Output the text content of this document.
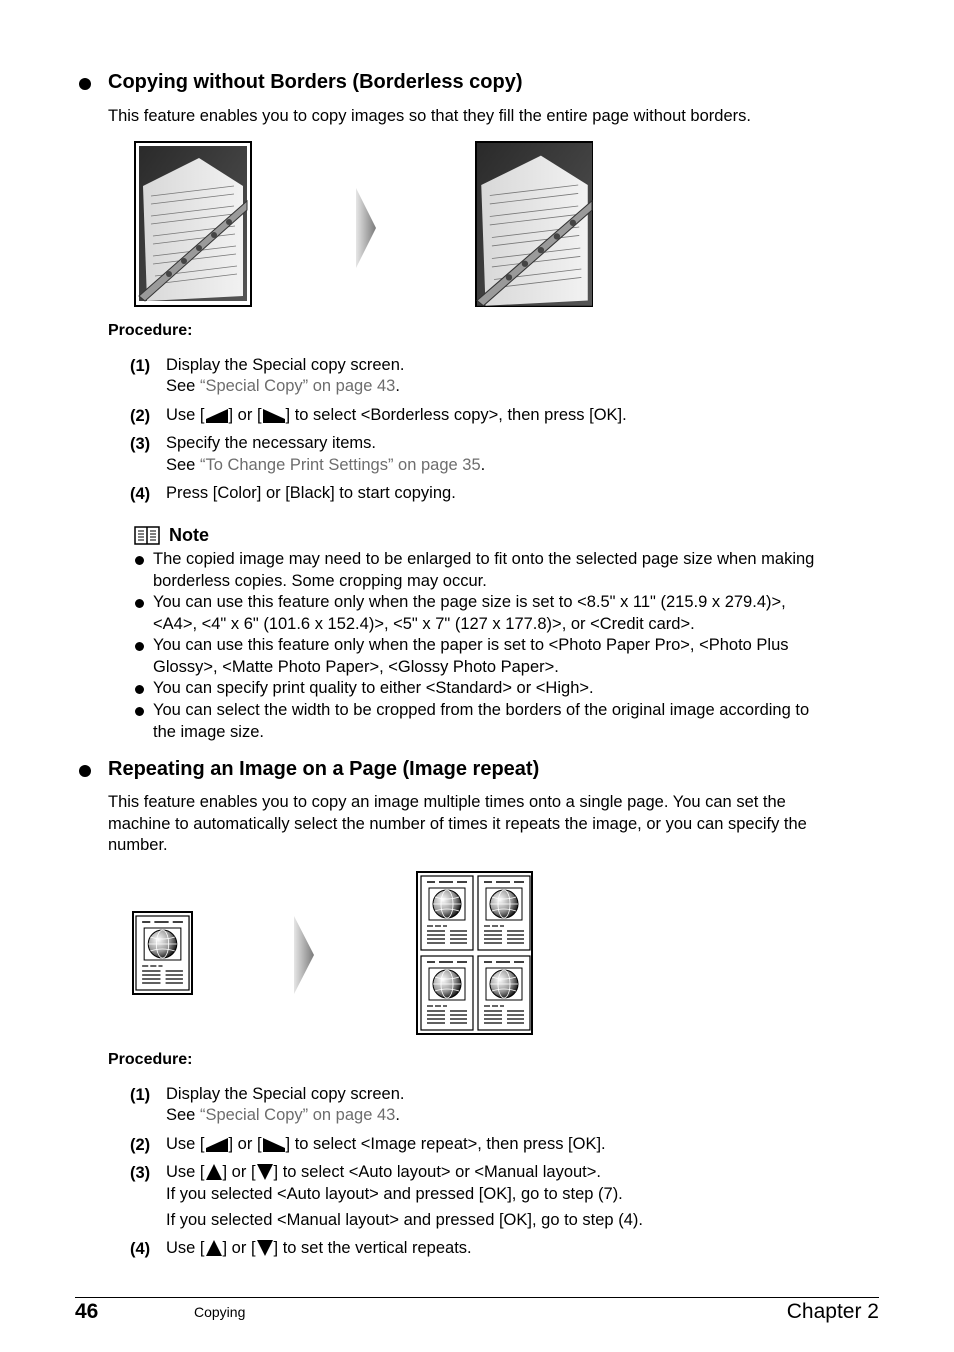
Copying without Borders (Borderless copy)
This feature enables you to copy images so that they fill the entire page without borders.
Procedure:
(1) Display the Special copy screen.
See “Special Copy” on page 43.
(2) Use [ ] or [ ] to select <Borderless copy>, then press [OK].
(3) Specify the necessary items.
See “To Change Print Settings” on page 35.
(4) Press [Color] or [Black] to start copying.
Note
The copied image may need to be enlarged to fit onto the selected page size when making
borderless copies. Some cropping may occur.
You can use this feature only when the page size is set to <8.5" x 11" (215.9 x 279.4)>,
<A4>, <4" x 6" (101.6 x 152.4)>, <5" x 7" (127 x 177.8)>, or <Credit card>.
You can use this feature only when the paper is set to <Photo Paper Pro>, <Photo Plus
Glossy>, <Matte Photo Paper>, <Glossy Photo Paper>.
You can specify print quality to either <Standard> or <High>.
You can select the width to be cropped from the borders of the original image according to
the image size.
Repeating an Image on a Page (Image repeat)
This feature enables you to copy an image multiple times onto a single page. You can set the
machine to automatically select the number of times it repeats the image, or you can specify the
number.
Procedure:
(1) Display the Special copy screen.
See “Special Copy” on page 43.
(2) Use [ ] or [ ] to select <Image repeat>, then press [OK].
(3) Use [ ] or [ ] to select <Auto layout> or <Manual layout>.
If you selected <Auto layout> and pressed [OK], go to step (7).
If you selected <Manual layout> and pressed [OK], go to step (4).
(4) Use [ ] or [ ] to set the vertical repeats.
46	Copying	Chapter 2
